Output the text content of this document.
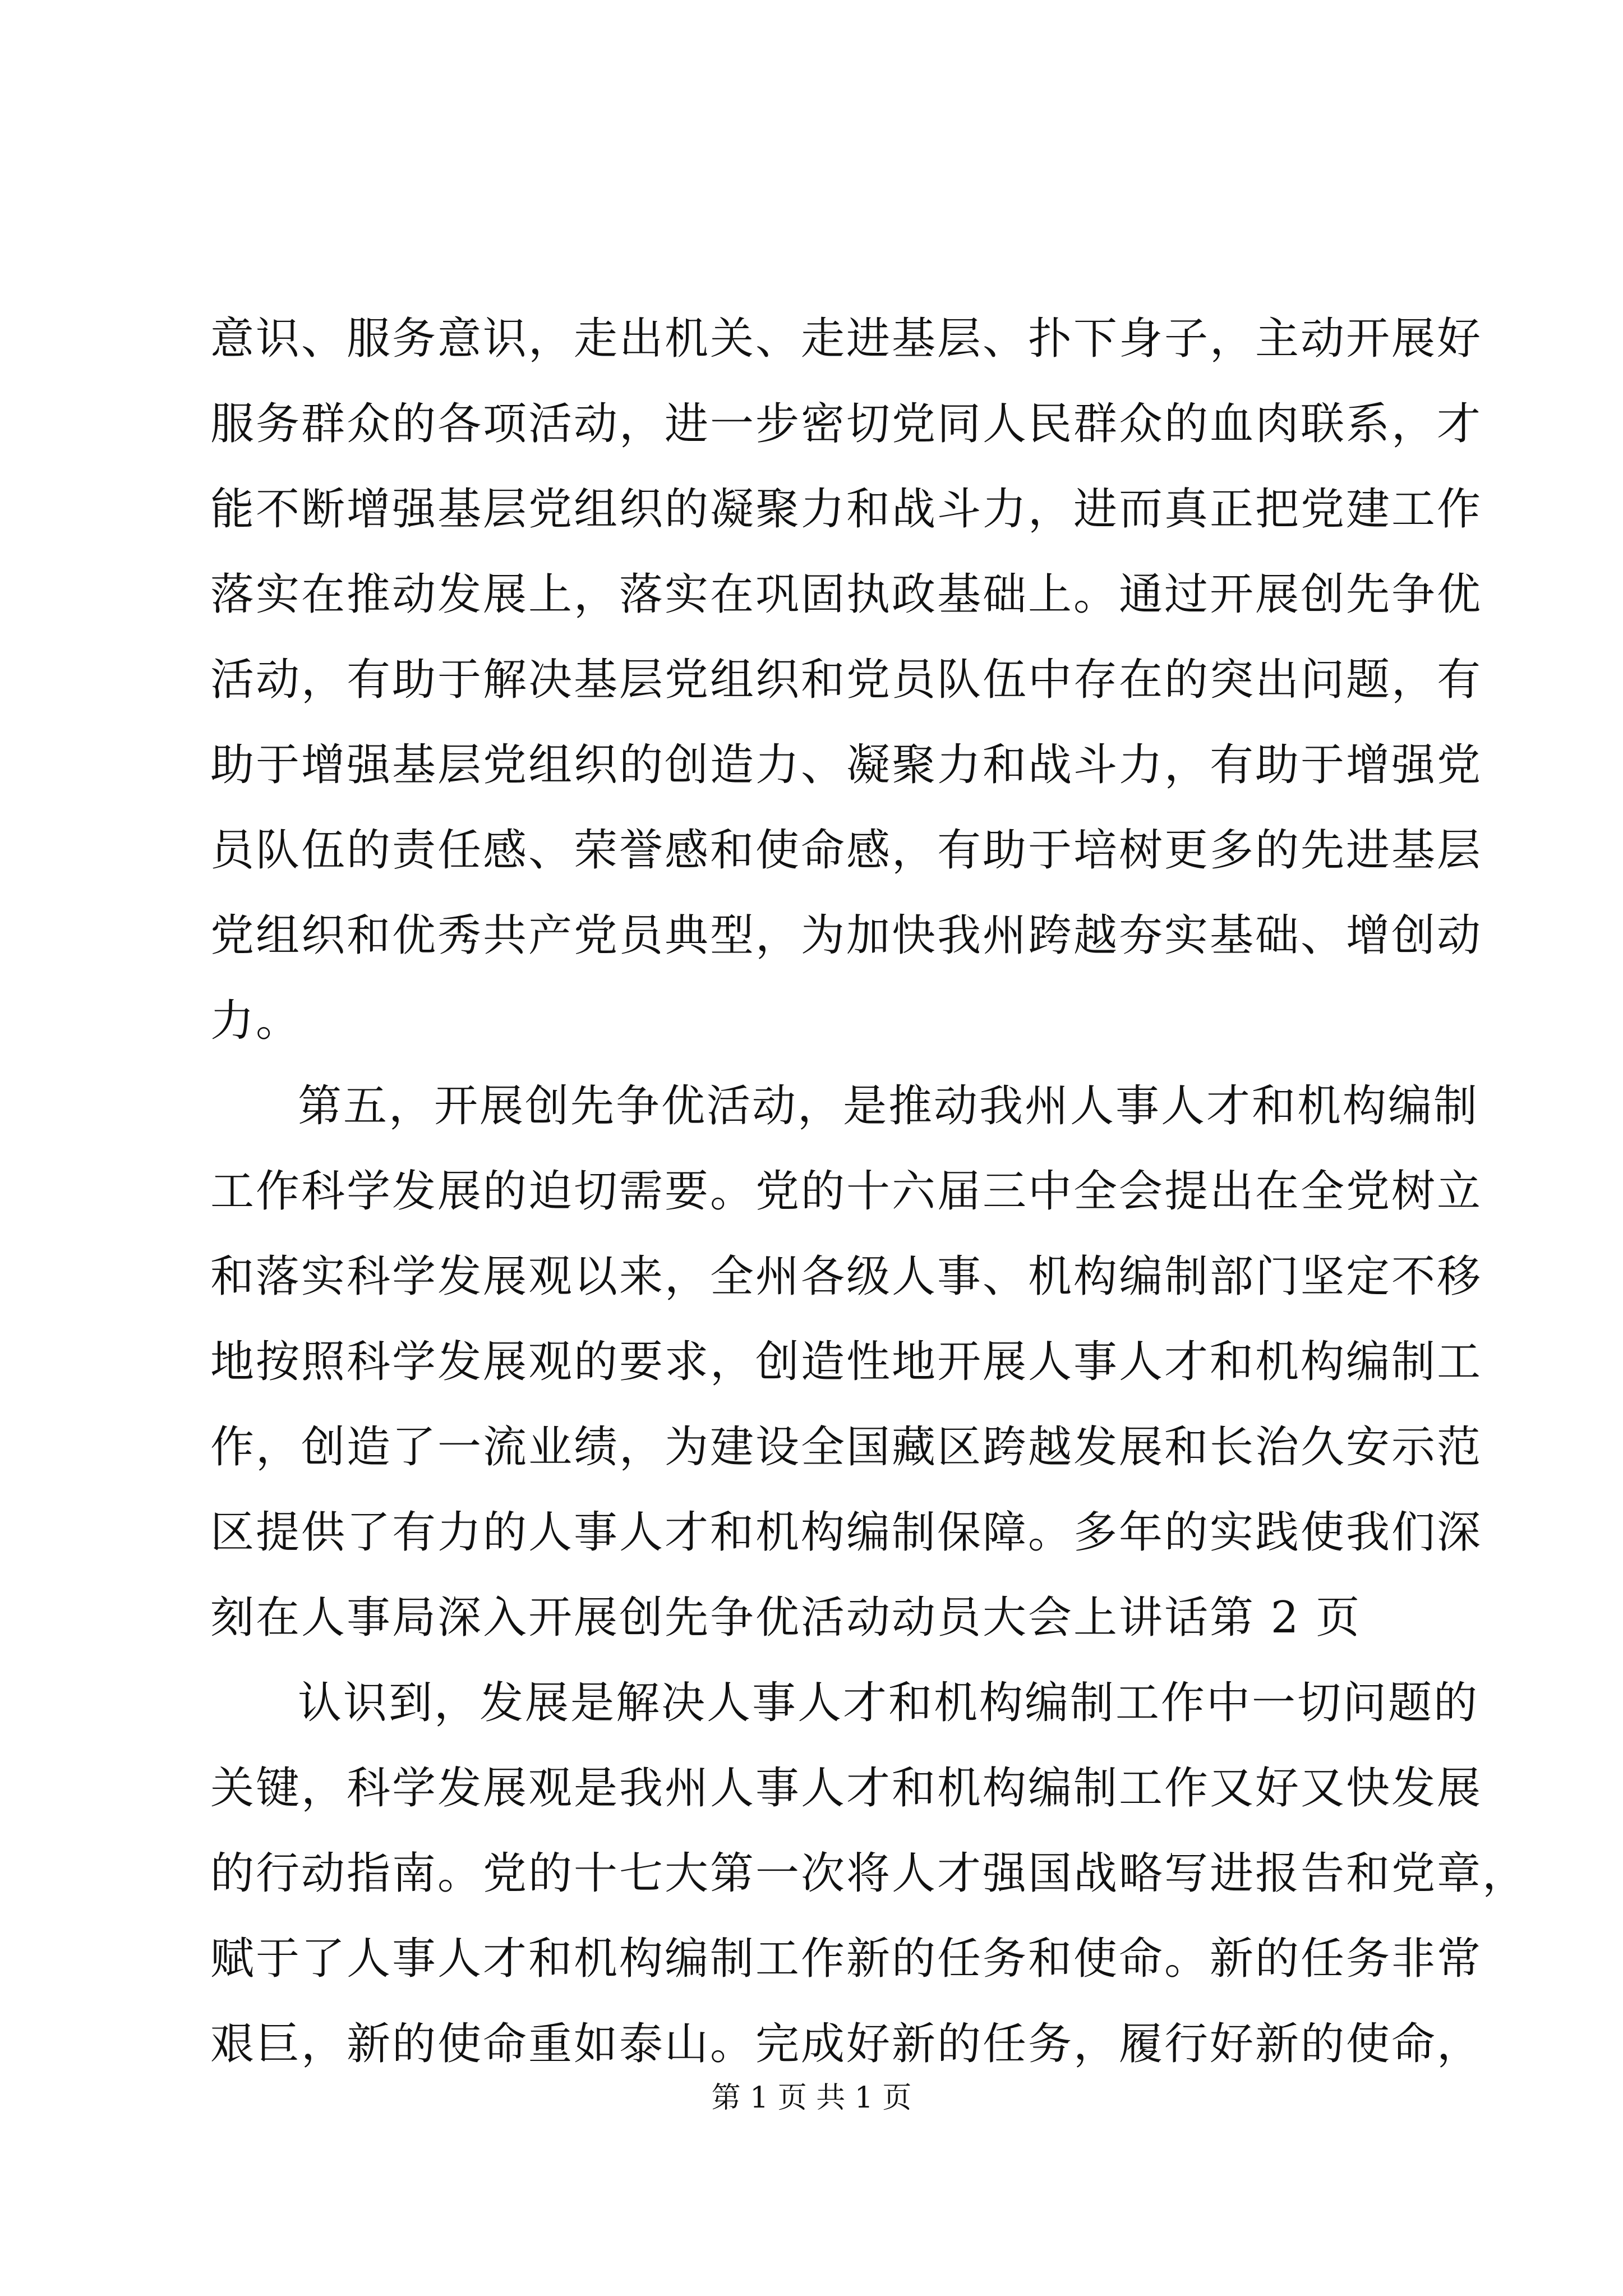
意识、服务意识，走出机关、走进基层、扑下身子，主动开展好
服务群众的各项活动，进一步密切党同人民群众的血肉联系，才
能不断增强基层党组织的凝聚力和战斗力，进而真正把党建工作
落实在推动发展上，落实在巩固执政基础上。通过开展创先争优
活动，有助于解决基层党组织和党员队伍中存在的突出问题，有
助于增强基层党组织的创造力、凝聚力和战斗力，有助于增强党
员队伍的责任感、荣誉感和使命感，有助于培树更多的先进基层
党组织和优秀共产党员典型，为加快我州跨越夯实基础、增创动
力。
第五，开展创先争优活动，是推动我州人事人才和机构编制
工作科学发展的迫切需要。党的十六届三中全会提出在全党树立
和落实科学发展观以来，全州各级人事、机构编制部门坚定不移
地按照科学发展观的要求，创造性地开展人事人才和机构编制工
作，创造了一流业绩，为建设全国藏区跨越发展和长治久安示范
区提供了有力的人事人才和机构编制保障。多年的实践使我们深
刻在人事局深入开展创先争优活动动员大会上讲话第 2 页
认识到，发展是解决人事人才和机构编制工作中一切问题的
关键，科学发展观是我州人事人才和机构编制工作又好又快发展
的行动指南。党的十七大第一次将人才强国战略写进报告和党章，
赋于了人事人才和机构编制工作新的任务和使命。新的任务非常
艰巨，新的使命重如泰山。完成好新的任务，履行好新的使命，
第 1 页 共 1 页
